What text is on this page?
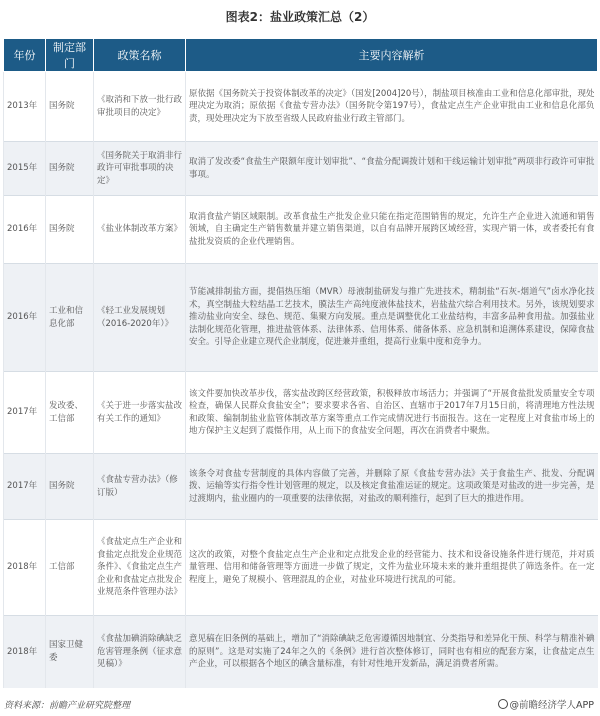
图表2：盐业政策汇总（2）
年份	制定部门	政策名称	主要内容解析
2013年	国务院	《取消和下放一批行政审批项目的决定》	原依据《国务院关于投资体制改革的决定》（国发[2004]20号），制盐项目核准由工业和信息化部审批，现处理决定为取消；原依据《食盐专营办法》（国务院令第197号），食盐定点生产企业审批由工业和信息化部负责，现处理决定为下放至省级人民政府盐业行政主管部门。
2015年	国务院	《国务院关于取消非行政许可审批事项的决定》	取消了发改委“食盐生产限额年度计划审批”、“食盐分配调拨计划和干线运输计划审批”两项非行政许可审批事项。
2016年	国务院	《盐业体制改革方案》	取消食盐产销区域限制。改革食盐生产批发企业只能在指定范围销售的规定，允许生产企业进入流通和销售领域，自主确定生产销售数量并建立销售渠道，以自有品牌开展跨区域经营，实现产销一体，或者委托有食盐批发资质的企业代理销售。
2016年	工业和信息化部	《轻工业发展规划（2016-2020年）》	节能减排制盐方面，提倡热压缩（MVR）母液制盐研发与推广先进技术，精制盐“石灰-烟道气”卤水净化技术，真空制盐大粒结晶工艺技术，膜法生产高纯度液体盐技术，岩盐盐穴综合利用技术。另外，该规划要求推动盐业向安全、绿色、规范、集聚方向发展。重点是调整优化工业盐结构，丰富多品种食用盐。加强盐业法制化规范化管理，推进盐管体系、法律体系、信用体系、储备体系、应急机制和追溯体系建设，保障食盐安全。引导企业建立现代企业制度，促进兼并重组，提高行业集中度和竞争力。
2017年	发改委、工信部	《关于进一步落实盐改有关工作的通知》	该文件要加快改革步伐，落实盐改跨区经营政策，积极释放市场活力；并强调了“开展食盐批发质量安全专项检查，确保人民群众食盐安全”；要求要求各省、自治区、直辖市于2017年7月15日前，将清理地方性法规和政策、编制制盐业监管体制改革方案等重点工作完成情况进行书面报告。这在一定程度上对食盐市场上的地方保护主义起到了震慑作用，从上而下的食盐安全问题，再次在消费者中聚焦。
2017年	国务院	《食盐专营办法》（修订版）	该条令对食盐专营制度的具体内容做了完善，并删除了原《食盐专营办法》关于食盐生产、批发、分配调拨、运输等实行指令性计划管理的规定，以及核定食盐准运证的规定。这项政策是对盐改的进一步完善，是过渡期内，盐业圈内的一项重要的法律依据，对盐改的顺利推行，起到了巨大的推进作用。
2018年	工信部	《食盐定点生产企业和食盐定点批发企业规范条件》、《食盐定点生产企业和食盐定点批发企业规范条件管理办法》	这次的政策，对整个食盐定点生产企业和定点批发企业的经营能力、技术和设备设施条件进行规范，并对质量管理、信用和储备管理等方面进一步做了规定，文件为盐业环境未来的兼并重组提供了筛选条件。在一定程度上，避免了规模小、管理混乱的企业，对盐业环境进行扰乱的可能。
2018年	国家卫健委	《食盐加碘消除碘缺乏危害管理条例（征求意见稿）》	意见稿在旧条例的基础上，增加了“消除碘缺乏危害遵循因地制宜、分类指导和差异化干预、科学与精准补碘的原则”。这是对实施了24年之久的《条例》进行首次整体修订，同时也有相应的配套方案，让食盐定点生产企业，可以根据各个地区的碘含量标准，有针对性地开发新品，满足消费者所需。
资料来源：前瞻产业研究院整理	@前瞻经济学人APP
